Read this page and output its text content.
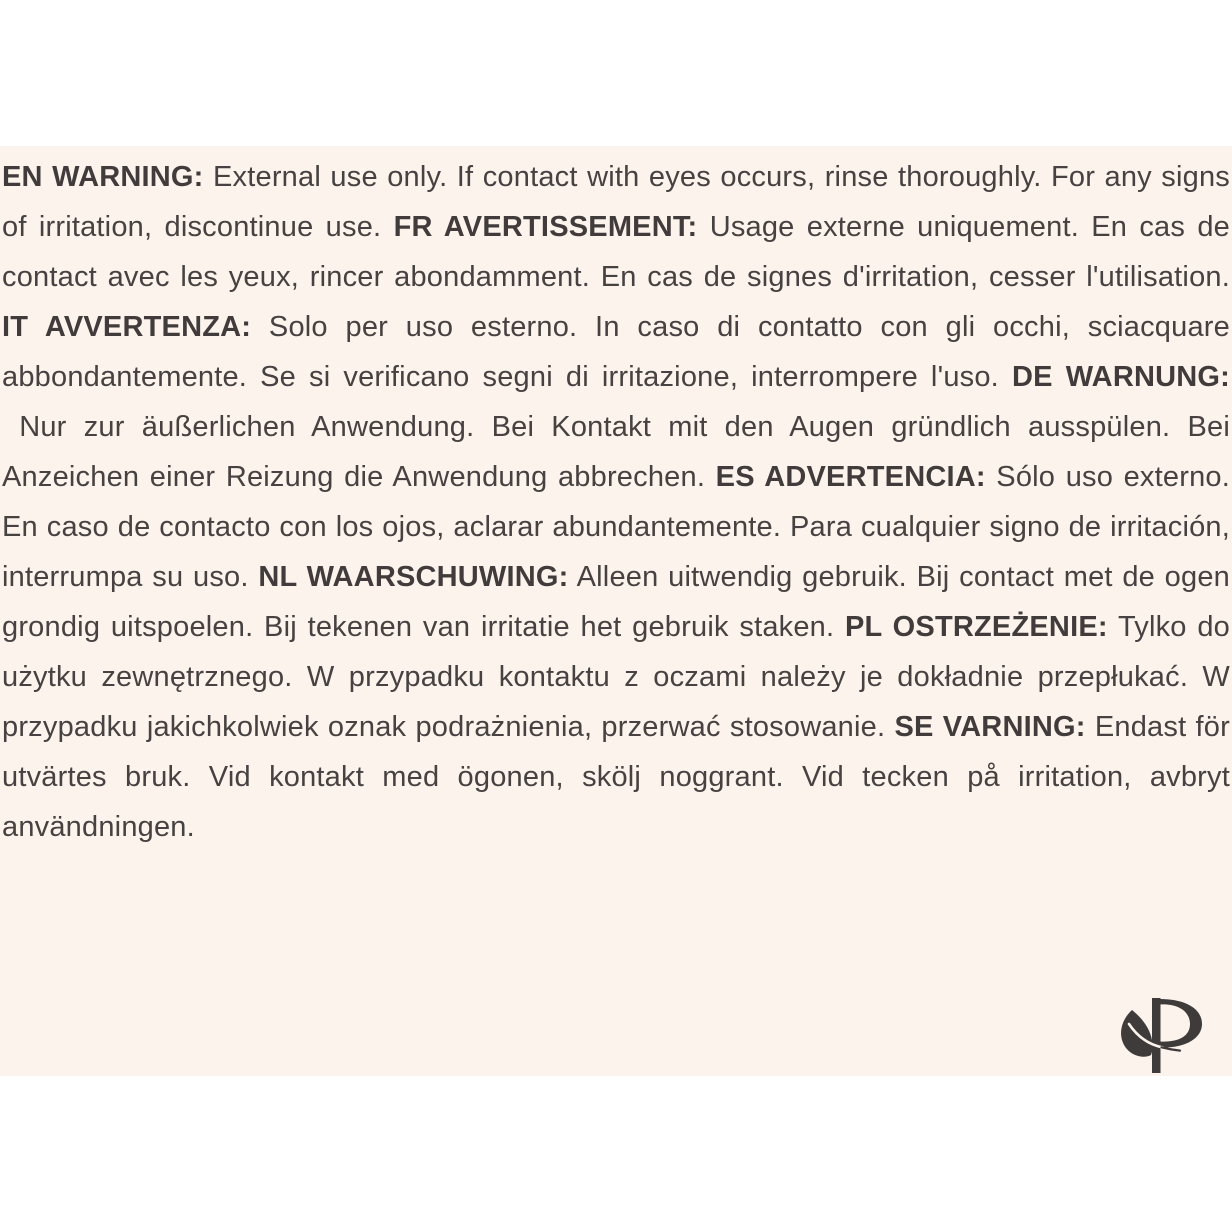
EN WARNING: External use only. If contact with eyes occurs, rinse thoroughly. For any signs of irritation, discontinue use. FR AVERTISSEMENT: Usage externe uniquement. En cas de contact avec les yeux, rincer abondamment. En cas de signes d'irritation, cesser l'utilisation. IT AVVERTENZA: Solo per uso esterno. In caso di contatto con gli occhi, sciacquare abbondantemente. Se si verificano segni di irritazione, interrompere l'uso. DE WARNUNG:  Nur zur äußerlichen Anwendung. Bei Kontakt mit den Augen gründlich ausspülen. Bei Anzeichen einer Reizung die Anwendung abbrechen. ES ADVERTENCIA: Sólo uso externo. En caso de contacto con los ojos, aclarar abundantemente. Para cualquier signo de irritación, interrumpa su uso. NL WAARSCHUWING: Alleen uitwendig gebruik. Bij contact met de ogen grondig uitspoelen. Bij tekenen van irritatie het gebruik staken. PL OSTRZEŻENIE: Tylko do użytku zewnętrznego. W przypadku kontaktu z oczami należy je dokładnie przepłukać. W przypadku jakichkolwiek oznak podrażnienia, przerwać stosowanie. SE VARNING: Endast för utvärtes bruk. Vid kontakt med ögonen, skölj noggrant. Vid tecken på irritation, avbryt användningen.
